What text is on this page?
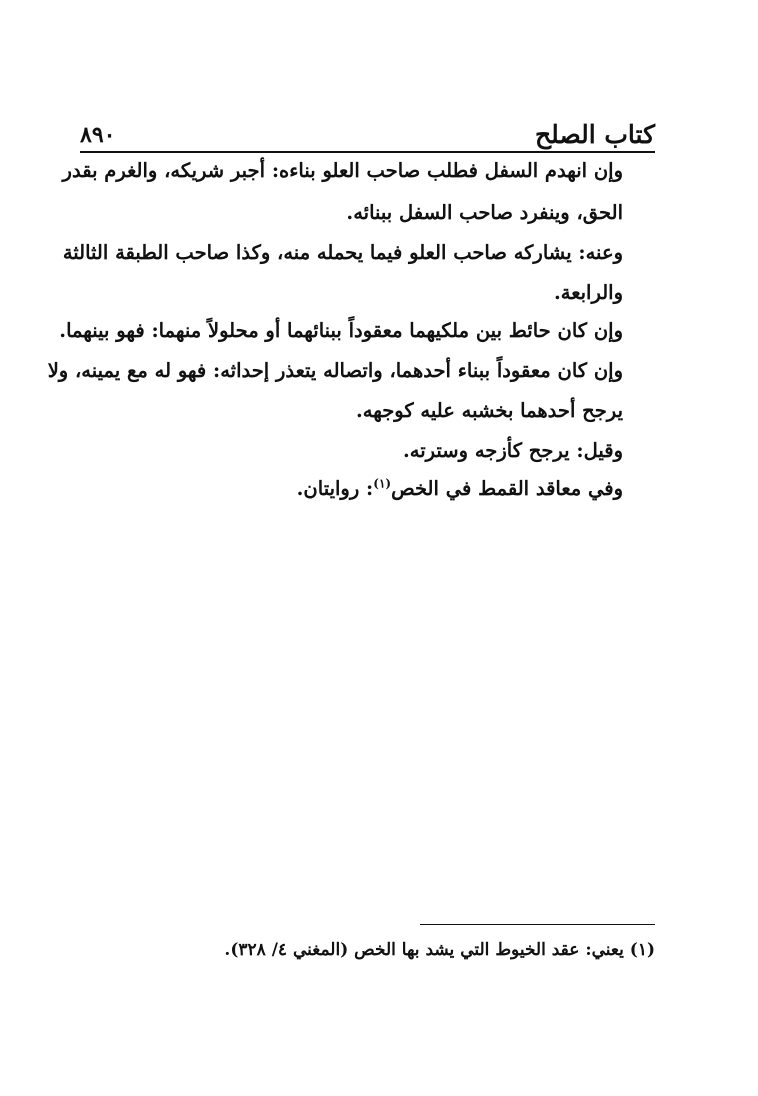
كتاب الصلح
٨٩٠
وإن انهدم السفل فطلب صاحب العلو بناءه: أجبر شريكه، والغرم بقدر
الحق، وينفرد صاحب السفل ببنائه.
وعنه: يشاركه صاحب العلو فيما يحمله منه، وكذا صاحب الطبقة الثالثة
والرابعة.
وإن كان حائط بين ملكيهما معقوداً ببنائهما أو محلولاً منهما: فهو بينهما.
وإن كان معقوداً ببناء أحدهما، واتصاله يتعذر إحداثه: فهو له مع يمينه، ولا
يرجح أحدهما بخشبه عليه كوجهه.
وقيل: يرجح كأزجه وسترته.
وفي معاقد القمط في الخص$^{(١)}$: روايتان.
(١) يعني: عقد الخيوط التي يشد بها الخص (المغني ٤/ ٣٢٨).
